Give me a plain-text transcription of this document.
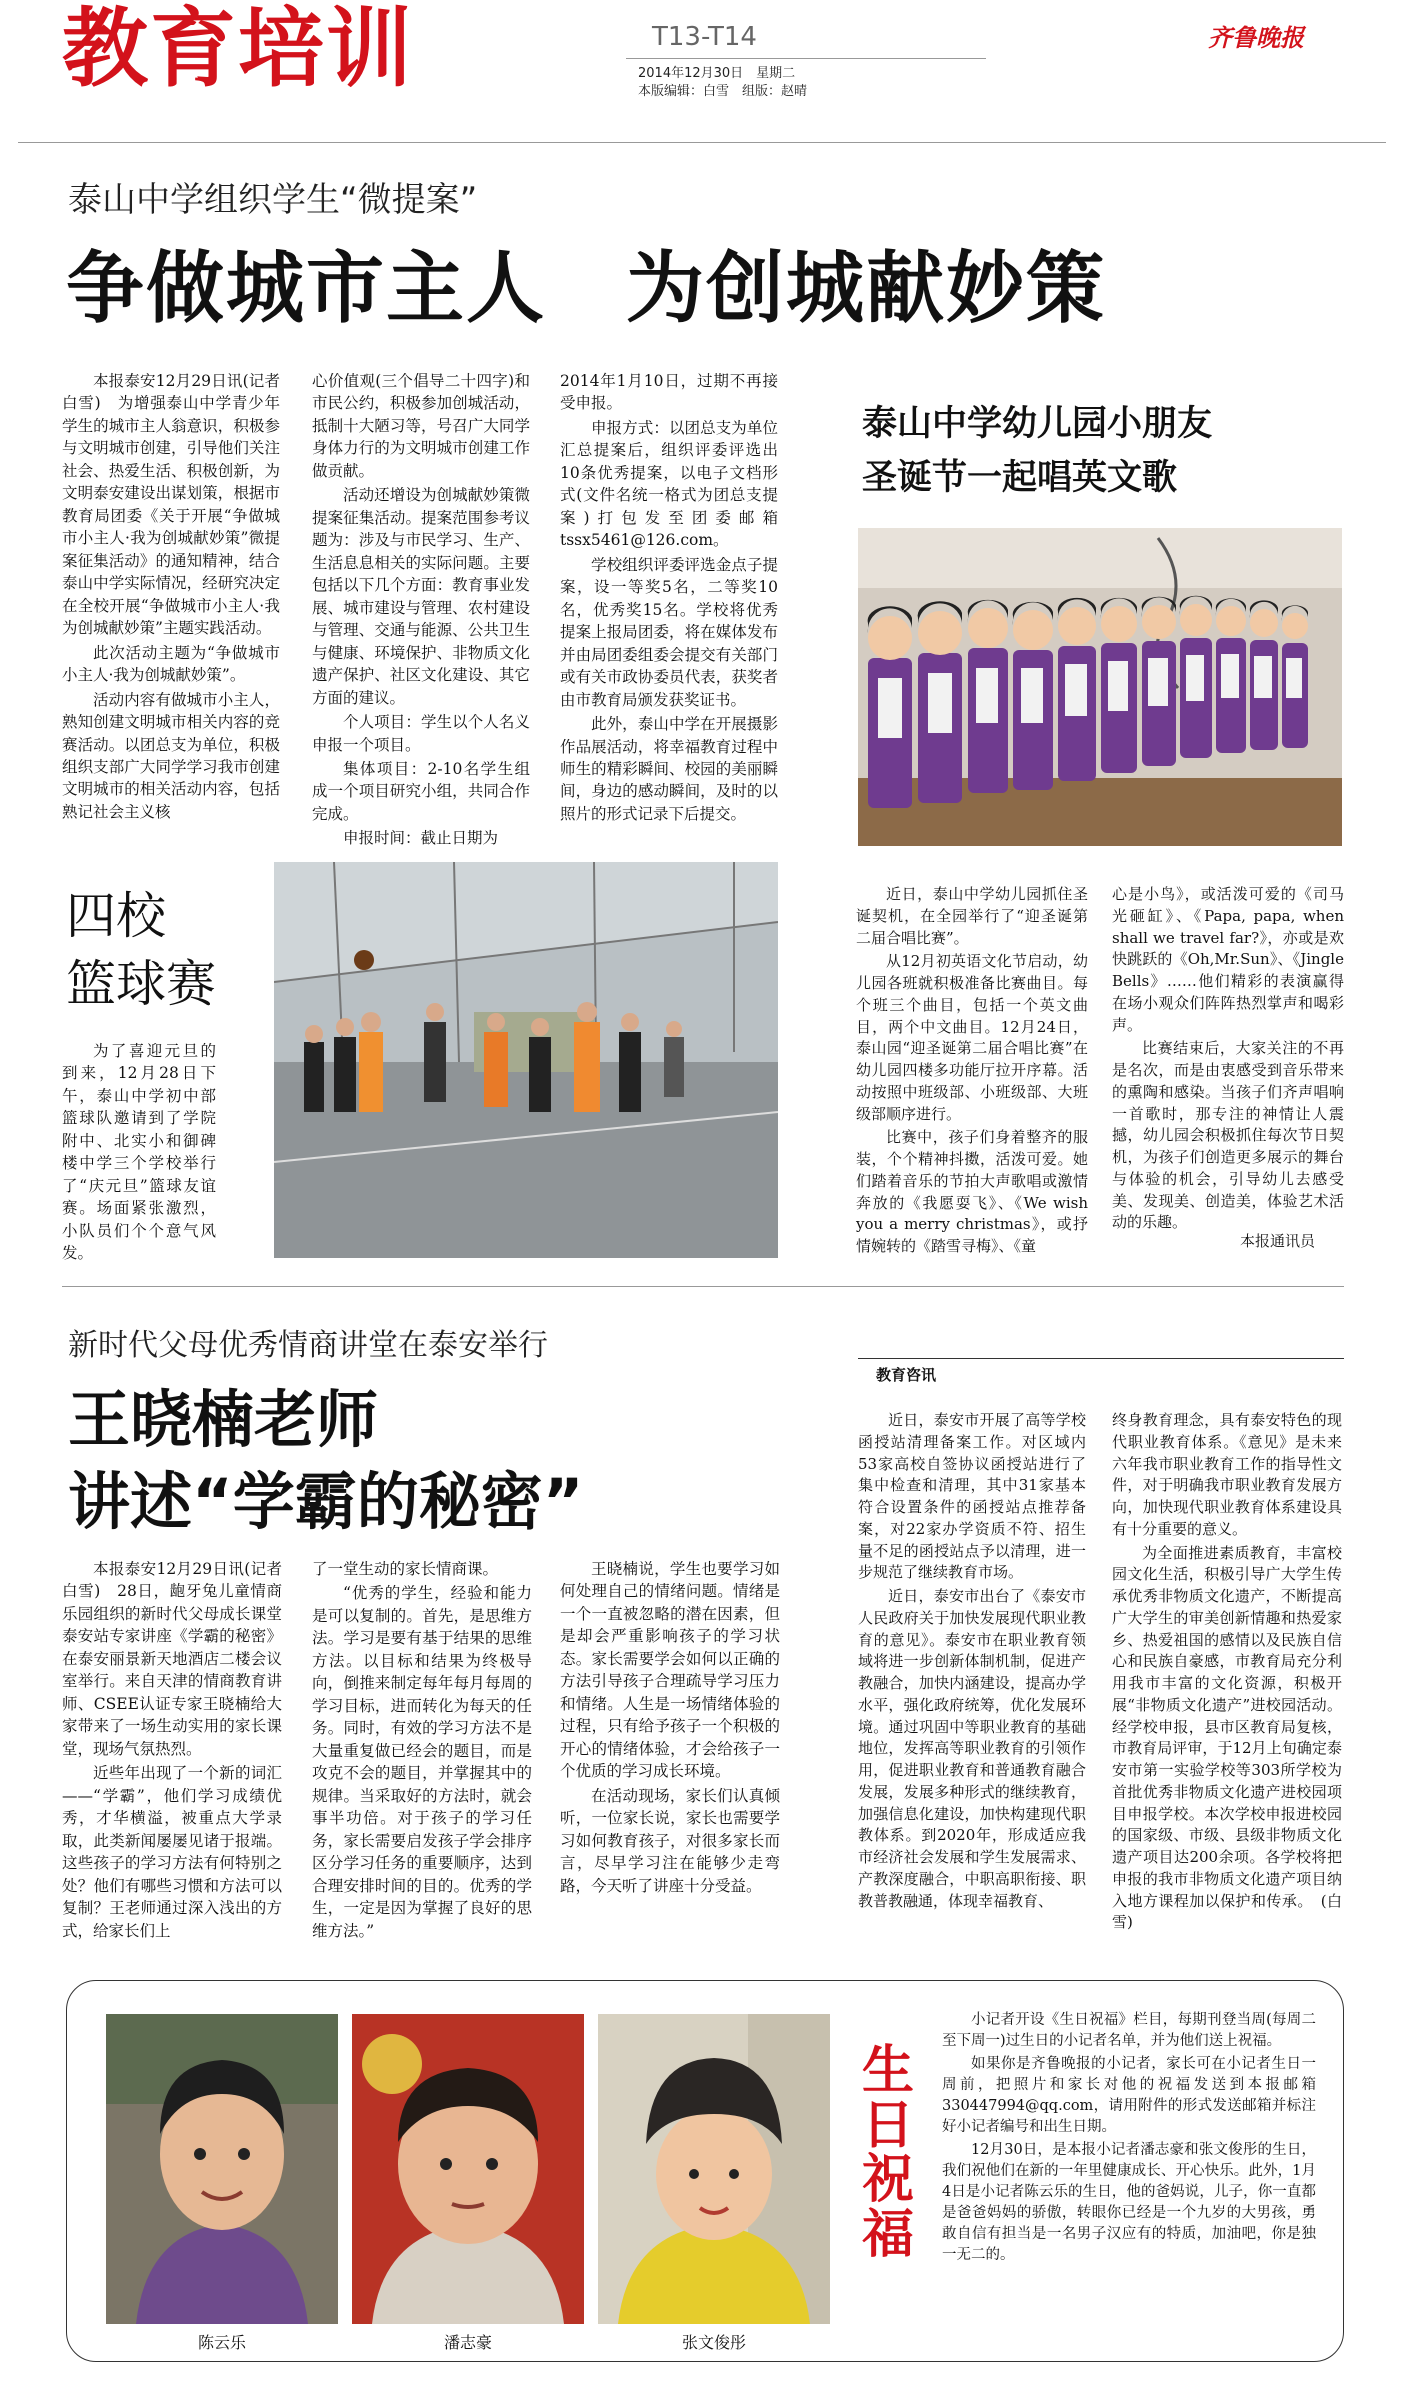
教育培训	T13-T14
2014年12月30日　星期二
本版编辑：白雪　组版：赵晴
齐鲁晚报
泰山中学组织学生“微提案”
争做城市主人　为创城献妙策

本报泰安12月29日讯(记者　白雪)　为增强泰山中学青少年学生的城市主人翁意识，积极参与文明城市创建，引导他们关注社会、热爱生活、积极创新，为文明泰安建设出谋划策，根据市教育局团委《关于开展“争做城市小主人·我为创城献妙策”微提案征集活动》的通知精神，结合泰山中学实际情况，经研究决定在全校开展“争做城市小主人·我为创城献妙策”主题实践活动。

此次活动主题为“争做城市小主人·我为创城献妙策”。

活动内容有做城市小主人，熟知创建文明城市相关内容的竞赛活动。以团总支为单位，积极组织支部广大同学学习我市创建文明城市的相关活动内容，包括熟记社会主义核

心价值观(三个倡导二十四字)和市民公约，积极参加创城活动，抵制十大陋习等，号召广大同学身体力行的为文明城市创建工作做贡献。

活动还增设为创城献妙策微提案征集活动。提案范围参考议题为：涉及与市民学习、生产、生活息息相关的实际问题。主要包括以下几个方面：教育事业发展、城市建设与管理、农村建设与管理、交通与能源、公共卫生与健康、环境保护、非物质文化遗产保护、社区文化建设、其它方面的建议。

个人项目：学生以个人名义申报一个项目。

集体项目：2-10名学生组成一个项目研究小组，共同合作完成。

申报时间：截止日期为

2014年1月10日，过期不再接受申报。

申报方式：以团总支为单位汇总提案后，组织评委评选出10条优秀提案，以电子文档形式(文件名统一格式为团总支提案)打包发至团委邮箱tssx5461@126.com。

学校组织评委评选金点子提案，设一等奖5名，二等奖10名，优秀奖15名。学校将优秀提案上报局团委，将在媒体发布并由局团委组委会提交有关部门或有关市政协委员代表，获奖者由市教育局颁发获奖证书。

此外，泰山中学在开展摄影作品展活动，将幸福教育过程中师生的精彩瞬间、校园的美丽瞬间，身边的感动瞬间，及时的以照片的形式记录下后提交。

泰山中学幼儿园小朋友
圣诞节一起唱英文歌

近日，泰山中学幼儿园抓住圣诞契机，在全园举行了“迎圣诞第二届合唱比赛”。

从12月初英语文化节启动，幼儿园各班就积极准备比赛曲目。每个班三个曲目，包括一个英文曲目，两个中文曲目。12月24日，泰山园“迎圣诞第二届合唱比赛”在幼儿园四楼多功能厅拉开序幕。活动按照中班级部、小班级部、大班级部顺序进行。

比赛中，孩子们身着整齐的服装，个个精神抖擞，活泼可爱。她们踏着音乐的节拍大声歌唱或激情奔放的《我愿耍飞》、《We wish you a merry christmas》，或抒情婉转的《踏雪寻梅》、《童

心是小鸟》，或活泼可爱的《司马光砸缸》、《Papa, papa, when shall we travel far?》，亦或是欢快跳跃的《Oh,Mr.Sun》、《Jingle Bells》……他们精彩的表演赢得在场小观众们阵阵热烈掌声和喝彩声。

比赛结束后，大家关注的不再是名次，而是由衷感受到音乐带来的熏陶和感染。当孩子们齐声唱响一首歌时，那专注的神情让人震撼，幼儿园会积极抓住每次节日契机，为孩子们创造更多展示的舞台与体验的机会，引导幼儿去感受美、发现美、创造美，体验艺术活动的乐趣。

本报通讯员
四校
篮球赛

为了喜迎元旦的到来，12月28日下午，泰山中学初中部篮球队邀请到了学院附中、北实小和御碑楼中学三个学校举行了“庆元旦”篮球友谊赛。场面紧张激烈，小队员们个个意气风发。

新时代父母优秀情商讲堂在泰安举行
王晓楠老师
讲述“学霸的秘密”

本报泰安12月29日讯(记者　白雪)　28日，龅牙兔儿童情商乐园组织的新时代父母成长课堂泰安站专家讲座《学霸的秘密》在泰安丽景新天地酒店二楼会议室举行。来自天津的情商教育讲师、CSEE认证专家王晓楠给大家带来了一场生动实用的家长课堂，现场气氛热烈。

近些年出现了一个新的词汇——“学霸”，他们学习成绩优秀，才华横溢，被重点大学录取，此类新闻屡屡见诸于报端。这些孩子的学习方法有何特别之处？他们有哪些习惯和方法可以复制？王老师通过深入浅出的方式，给家长们上

了一堂生动的家长情商课。

“优秀的学生，经验和能力是可以复制的。首先，是思维方法。学习是要有基于结果的思维方法。以目标和结果为终极导向，倒推来制定每年每月每周的学习目标，进而转化为每天的任务。同时，有效的学习方法不是大量重复做已经会的题目，而是攻克不会的题目，并掌握其中的规律。当采取好的方法时，就会事半功倍。对于孩子的学习任务，家长需要启发孩子学会排序区分学习任务的重要顺序，达到合理安排时间的目的。优秀的学生，一定是因为掌握了良好的思维方法。”

王晓楠说，学生也要学习如何处理自己的情绪问题。情绪是一个一直被忽略的潜在因素，但是却会严重影响孩子的学习状态。家长需要学会如何以正确的方法引导孩子合理疏导学习压力和情绪。人生是一场情绪体验的过程，只有给予孩子一个积极的开心的情绪体验，才会给孩子一个优质的学习成长环境。

在活动现场，家长们认真倾听，一位家长说，家长也需要学习如何教育孩子，对很多家长而言，尽早学习注在能够少走弯路，今天听了讲座十分受益。

教育咨讯

近日，泰安市开展了高等学校函授站清理备案工作。对区域内53家高校自签协议函授站进行了集中检查和清理，其中31家基本符合设置条件的函授站点推荐备案，对22家办学资质不符、招生量不足的函授站点予以清理，进一步规范了继续教育市场。

近日，泰安市出台了《泰安市人民政府关于加快发展现代职业教育的意见》。泰安市在职业教育领域将进一步创新体制机制，促进产教融合，加快内涵建设，提高办学水平，强化政府统筹，优化发展环境。通过巩固中等职业教育的基础地位，发挥高等职业教育的引领作用，促进职业教育和普通教育融合发展，发展多种形式的继续教育，加强信息化建设，加快构建现代职教体系。到2020年，形成适应我市经济社会发展和学生发展需求、产教深度融合，中职高职衔接、职教普教融通，体现幸福教育、

终身教育理念，具有泰安特色的现代职业教育体系。《意见》是未来六年我市职业教育工作的指导性文件，对于明确我市职业教育发展方向，加快现代职业教育体系建设具有十分重要的意义。

为全面推进素质教育，丰富校园文化生活，积极引导广大学生传承优秀非物质文化遗产，不断提高广大学生的审美创新情趣和热爱家乡、热爱祖国的感情以及民族自信心和民族自豪感，市教育局充分利用我市丰富的文化资源，积极开展“非物质文化遗产”进校园活动。经学校申报，县市区教育局复核，市教育局评审，于12月上旬确定泰安市第一实验学校等303所学校为首批优秀非物质文化遗产进校园项目申报学校。本次学校申报进校园的国家级、市级、县级非物质文化遗产项目达200余项。各学校将把申报的我市非物质文化遗产项目纳入地方课程加以保护和传承。　(白雪)

陈云乐	潘志豪	张文俊彤
生日祝福

小记者开设《生日祝福》栏目，每期刊登当周(每周二至下周一)过生日的小记者名单，并为他们送上祝福。

如果你是齐鲁晚报的小记者，家长可在小记者生日一周前，把照片和家长对他的祝福发送到本报邮箱330447994@qq.com，请用附件的形式发送邮箱并标注好小记者编号和出生日期。

12月30日，是本报小记者潘志豪和张文俊彤的生日，我们祝他们在新的一年里健康成长、开心快乐。此外，1月4日是小记者陈云乐的生日，他的爸妈说，儿子，你一直都是爸爸妈妈的骄傲，转眼你已经是一个九岁的大男孩，勇敢自信有担当是一名男子汉应有的特质，加油吧，你是独一无二的。
